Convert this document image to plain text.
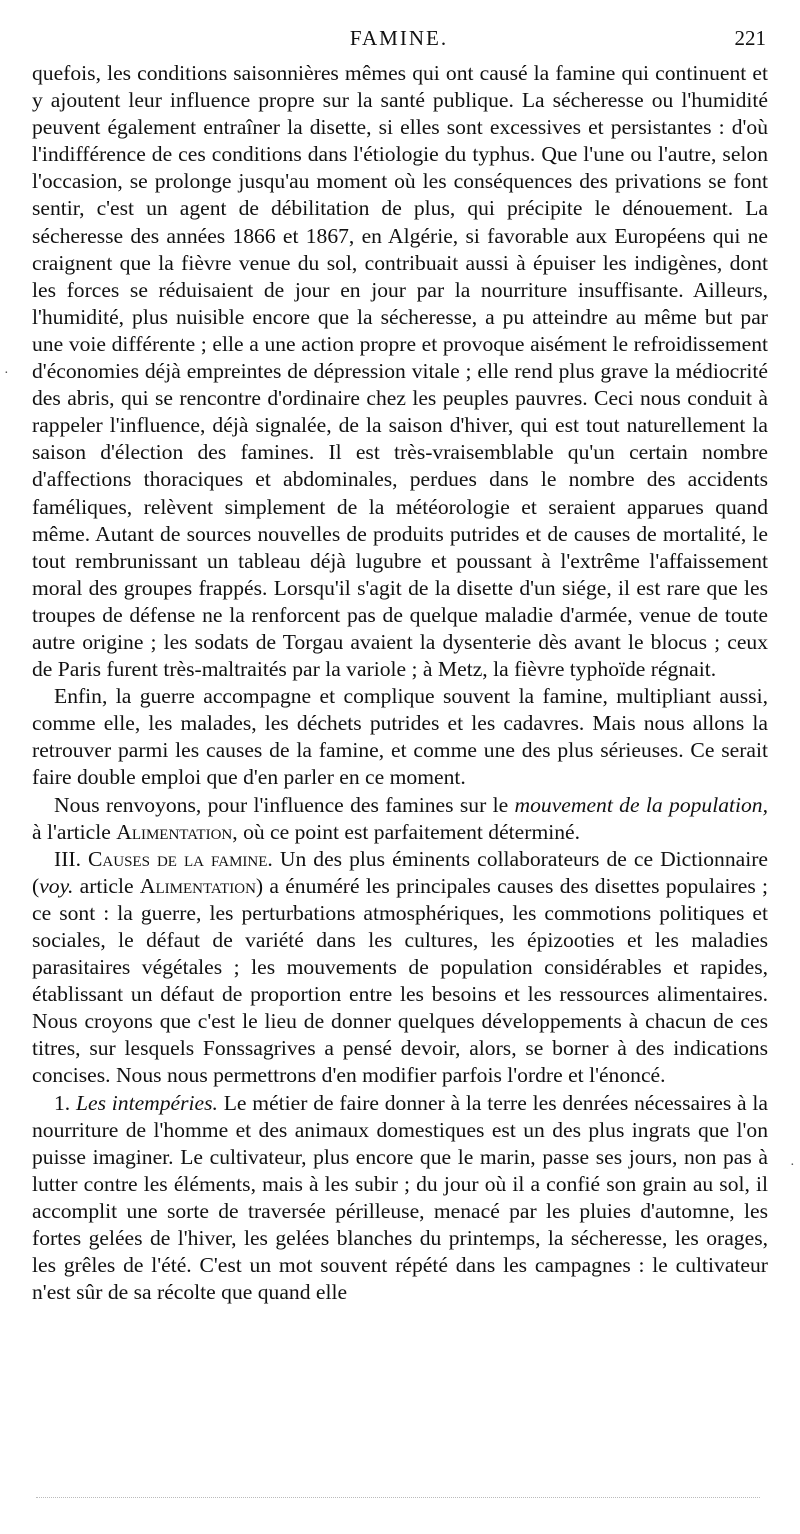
FAMINE.	221

quefois, les conditions saisonnières mêmes qui ont causé la famine qui continuent et y ajoutent leur influence propre sur la santé publique. La sécheresse ou l'humidité peuvent également entraîner la disette, si elles sont excessives et persistantes : d'où l'indifférence de ces conditions dans l'étiologie du typhus. Que l'une ou l'autre, selon l'occasion, se prolonge jusqu'au moment où les conséquences des privations se font sentir, c'est un agent de débilitation de plus, qui précipite le dénouement. La sécheresse des années 1866 et 1867, en Algérie, si favorable aux Européens qui ne craignent que la fièvre venue du sol, contribuait aussi à épuiser les indigènes, dont les forces se réduisaient de jour en jour par la nourriture insuffisante. Ailleurs, l'humidité, plus nuisible encore que la sécheresse, a pu atteindre au même but par une voie différente ; elle a une action propre et provoque aisément le refroidissement d'économies déjà empreintes de dépression vitale ; elle rend plus grave la médiocrité des abris, qui se rencontre d'ordinaire chez les peuples pauvres. Ceci nous conduit à rappeler l'influence, déjà signalée, de la saison d'hiver, qui est tout naturellement la saison d'élection des famines. Il est très-vraisemblable qu'un certain nombre d'affections thoraciques et abdominales, perdues dans le nombre des accidents faméliques, relèvent simplement de la météorologie et seraient apparues quand même. Autant de sources nouvelles de produits putrides et de causes de mortalité, le tout rembrunissant un tableau déjà lugubre et poussant à l'extrême l'affaissement moral des groupes frappés. Lorsqu'il s'agit de la disette d'un siége, il est rare que les troupes de défense ne la renforcent pas de quelque maladie d'armée, venue de toute autre origine ; les sodats de Torgau avaient la dysenterie dès avant le blocus ; ceux de Paris furent très-maltraités par la variole ; à Metz, la fièvre typhoïde régnait.

Enfin, la guerre accompagne et complique souvent la famine, multipliant aussi, comme elle, les malades, les déchets putrides et les cadavres. Mais nous allons la retrouver parmi les causes de la famine, et comme une des plus sérieuses. Ce serait faire double emploi que d'en parler en ce moment.

Nous renvoyons, pour l'influence des famines sur le mouvement de la population, à l'article Alimentation, où ce point est parfaitement déterminé.

III. Causes de la famine. Un des plus éminents collaborateurs de ce Dictionnaire (voy. article Alimentation) a énuméré les principales causes des disettes populaires ; ce sont : la guerre, les perturbations atmosphériques, les commotions politiques et sociales, le défaut de variété dans les cultures, les épizooties et les maladies parasitaires végétales ; les mouvements de population considérables et rapides, établissant un défaut de proportion entre les besoins et les ressources alimentaires. Nous croyons que c'est le lieu de donner quelques développements à chacun de ces titres, sur lesquels Fonssagrives a pensé devoir, alors, se borner à des indications concises. Nous nous permettrons d'en modifier parfois l'ordre et l'énoncé.

1. Les intempéries. Le métier de faire donner à la terre les denrées nécessaires à la nourriture de l'homme et des animaux domestiques est un des plus ingrats que l'on puisse imaginer. Le cultivateur, plus encore que le marin, passe ses jours, non pas à lutter contre les éléments, mais à les subir ; du jour où il a confié son grain au sol, il accomplit une sorte de traversée périlleuse, menacé par les pluies d'automne, les fortes gelées de l'hiver, les gelées blanches du printemps, la sécheresse, les orages, les grêles de l'été. C'est un mot souvent répété dans les campagnes : le cultivateur n'est sûr de sa récolte que quand elle

·
·
